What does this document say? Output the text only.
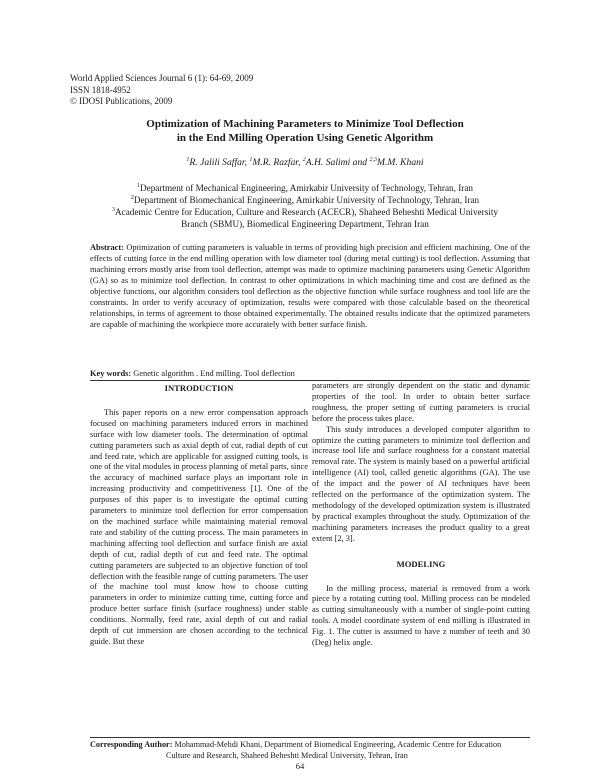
World Applied Sciences Journal 6 (1): 64-69, 2009
ISSN 1818-4952
© IDOSI Publications, 2009
Optimization of Machining Parameters to Minimize Tool Deflection
in the End Milling Operation Using Genetic Algorithm
$^1$R. Jalili Saffar, $^1$M.R. Razfar, $^2$A.H. Salimi and $^{2,3}$M.M. Khani
$^1$Department of Mechanical Engineering, Amirkabir University of Technology, Tehran, Iran
$^2$Department of Biomechanical Engineering, Amirkabir University of Technology, Tehran, Iran
$^3$Academic Centre for Education, Culture and Research (ACECR), Shaheed Beheshti Medical University
Branch (SBMU), Biomedical Engineering Department, Tehran Iran
Abstract: Optimization of cutting parameters is valuable in terms of providing high precision and efficient machining. One of the effects of cutting force in the end milling operation with low diameter tool (during metal cutting) is tool deflection. Assuming that machining errors mostly arise from tool deflection, attempt was made to optimize machining parameters using Genetic Algorithm (GA) so as to minimize tool deflection. In contrast to other optimizations in which machining time and cost are defined as the objective functions, our algorithm considers tool deflection as the objective function while surface roughness and tool life are the constraints. In order to verify accuracy of optimization, results were compared with those calculable based on the theoretical relationships, in terms of agreement to those obtained experimentally. The obtained results indicate that the optimized parameters are capable of machining the workpiece more accurately with better surface finish.
Key words: Genetic algorithm . End milling. Tool deflection
INTRODUCTION

This paper reports on a new error compensation approach focused on machining parameters induced errors in machined surface with low diameter tools. The determination of optimal cutting parameters such as axial depth of cut, radial depth of cut and feed rate, which are applicable for assigned cutting tools, is one of the vital modules in process planning of metal parts, since the accuracy of machined surface plays an important role in increasing productivity and competitiveness [1]. One of the purposes of this paper is to investigate the optimal cutting parameters to minimize tool deflection for error compensation on the machined surface while maintaining material removal rate and stability of the cutting process. The main parameters in machining affecting tool deflection and surface finish are axial depth of cut, radial depth of cut and feed rate. The optimal cutting parameters are subjected to an objective function of tool deflection with the feasible range of cutting parameters. The user of the machine tool must know how to choose cutting parameters in order to minimize cutting time, cutting force and produce better surface finish (surface roughness) under stable conditions. Normally, feed rate, axial depth of cut and radial depth of cut immersion are chosen according to the technical guide. But these

parameters are strongly dependent on the static and dynamic properties of the tool. In order to obtain better surface roughness, the proper setting of cutting parameters is crucial before the process takes place.

This study introduces a developed computer algorithm to optimize the cutting parameters to minimize tool deflection and increase tool life and surface roughness for a constant material removal rate. The system is mainly based on a powerful artificial intelligence (AI) tool, called genetic algorithms (GA). The use of the impact and the power of AI techniques have been reflected on the performance of the optimization system. The methodology of the developed optimization system is illustrated by practical examples throughout the study. Optimization of the machining parameters increases the product quality to a great extent [2, 3].

MODELING

In the milling process, material is removed from a work piece by a rotating cutting tool. Milling process can be modeled as cutting simultaneously with a number of single-point cutting tools. A model coordinate system of end milling is illustrated in Fig. 1. The cutter is assumed to have z number of teeth and 30 (Deg) helix angle.

Corresponding Author: Mohammad-Mehdi Khani, Department of Biomedical Engineering, Academic Centre for Education
Culture and Research, Shaheed Beheshti Medical University, Tehran, Iran
64
